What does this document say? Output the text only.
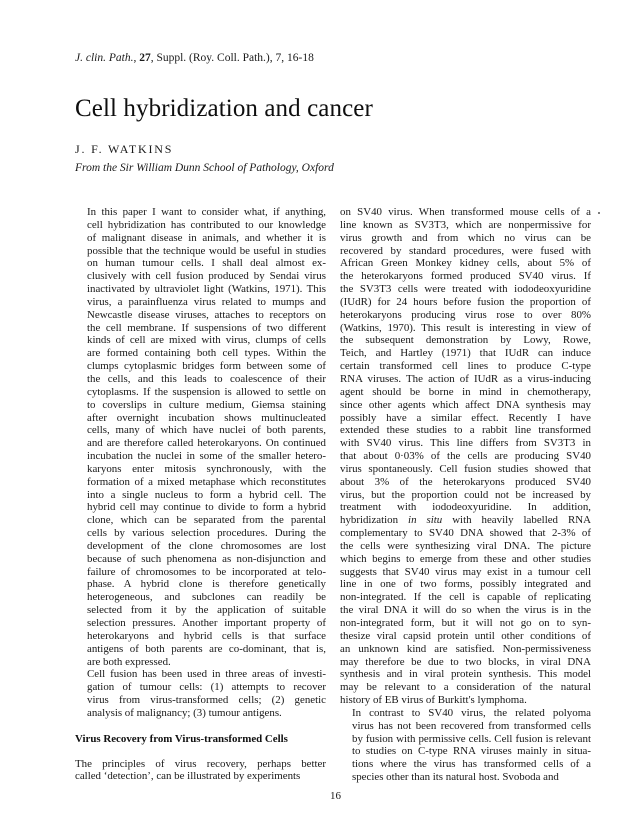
J. clin. Path., 27, Suppl. (Roy. Coll. Path.), 7, 16-18
Cell hybridization and cancer
J. F. WATKINS
From the Sir William Dunn School of Pathology, Oxford

In this paper I want to consider what, if anything,
cell hybridization has contributed to our knowledge
of malignant disease in animals, and whether it is
possible that the technique would be useful in studies
on human tumour cells. I shall deal almost ex-
clusively with cell fusion produced by Sendai virus
inactivated by ultraviolet light (Watkins, 1971). This
virus, a parainfluenza virus related to mumps and
Newcastle disease viruses, attaches to receptors on
the cell membrane. If suspensions of two different
kinds of cell are mixed with virus, clumps of cells
are formed containing both cell types. Within the
clumps cytoplasmic bridges form between some of
the cells, and this leads to coalescence of their
cytoplasms. If the suspension is allowed to settle on
to coverslips in culture medium, Giemsa staining
after overnight incubation shows multinucleated
cells, many of which have nuclei of both parents,
and are therefore called heterokaryons. On continued
incubation the nuclei in some of the smaller hetero-
karyons enter mitosis synchronously, with the
formation of a mixed metaphase which reconstitutes
into a single nucleus to form a hybrid cell. The
hybrid cell may continue to divide to form a hybrid
clone, which can be separated from the parental
cells by various selection procedures. During the
development of the clone chromosomes are lost
because of such phenomena as non-disjunction and
failure of chromosomes to be incorporated at telo-
phase. A hybrid clone is therefore genetically
heterogeneous, and subclones can readily be
selected from it by the application of suitable
selection pressures. Another important property of
heterokaryons and hybrid cells is that surface
antigens of both parents are co-dominant, that is,
are both expressed.

Cell fusion has been used in three areas of investi-
gation of tumour cells: (1) attempts to recover
virus from virus-transformed cells; (2) genetic
analysis of malignancy; (3) tumour antigens.

Virus Recovery from Virus-transformed Cells

The principles of virus recovery, perhaps better
called ‘detection’, can be illustrated by experiments

on SV40 virus. When transformed mouse cells of a
line known as SV3T3, which are nonpermissive for
virus growth and from which no virus can be
recovered by standard procedures, were fused with
African Green Monkey kidney cells, about 5% of
the heterokaryons formed produced SV40 virus. If
the SV3T3 cells were treated with iododeoxyuridine
(IUdR) for 24 hours before fusion the proportion of
heterokaryons producing virus rose to over 80%
(Watkins, 1970). This result is interesting in view of
the subsequent demonstration by Lowy, Rowe,
Teich, and Hartley (1971) that IUdR can induce
certain transformed cell lines to produce C-type
RNA viruses. The action of IUdR as a virus-inducing
agent should be borne in mind in chemotherapy,
since other agents which affect DNA synthesis may
possibly have a similar effect. Recently I have
extended these studies to a rabbit line transformed
with SV40 virus. This line differs from SV3T3 in
that about 0·03% of the cells are producing SV40
virus spontaneously. Cell fusion studies showed that
about 3% of the heterokaryons produced SV40
virus, but the proportion could not be increased by
treatment with iododeoxyuridine. In addition,
hybridization in situ with heavily labelled RNA
complementary to SV40 DNA showed that 2-3% of
the cells were synthesizing viral DNA. The picture
which begins to emerge from these and other studies
suggests that SV40 virus may exist in a tumour cell
line in one of two forms, possibly integrated and
non-integrated. If the cell is capable of replicating
the viral DNA it will do so when the virus is in the
non-integrated form, but it will not go on to syn-
thesize viral capsid protein until other conditions of
an unknown kind are satisfied. Non-permissiveness
may therefore be due to two blocks, in viral DNA
synthesis and in viral protein synthesis. This model
may be relevant to a consideration of the natural
history of EB virus of Burkitt's lymphoma.

In contrast to SV40 virus, the related polyoma
virus has not been recovered from transformed cells
by fusion with permissive cells. Cell fusion is relevant
to studies on C-type RNA viruses mainly in situa-
tions where the virus has transformed cells of a
species other than its natural host. Svoboda and

16
